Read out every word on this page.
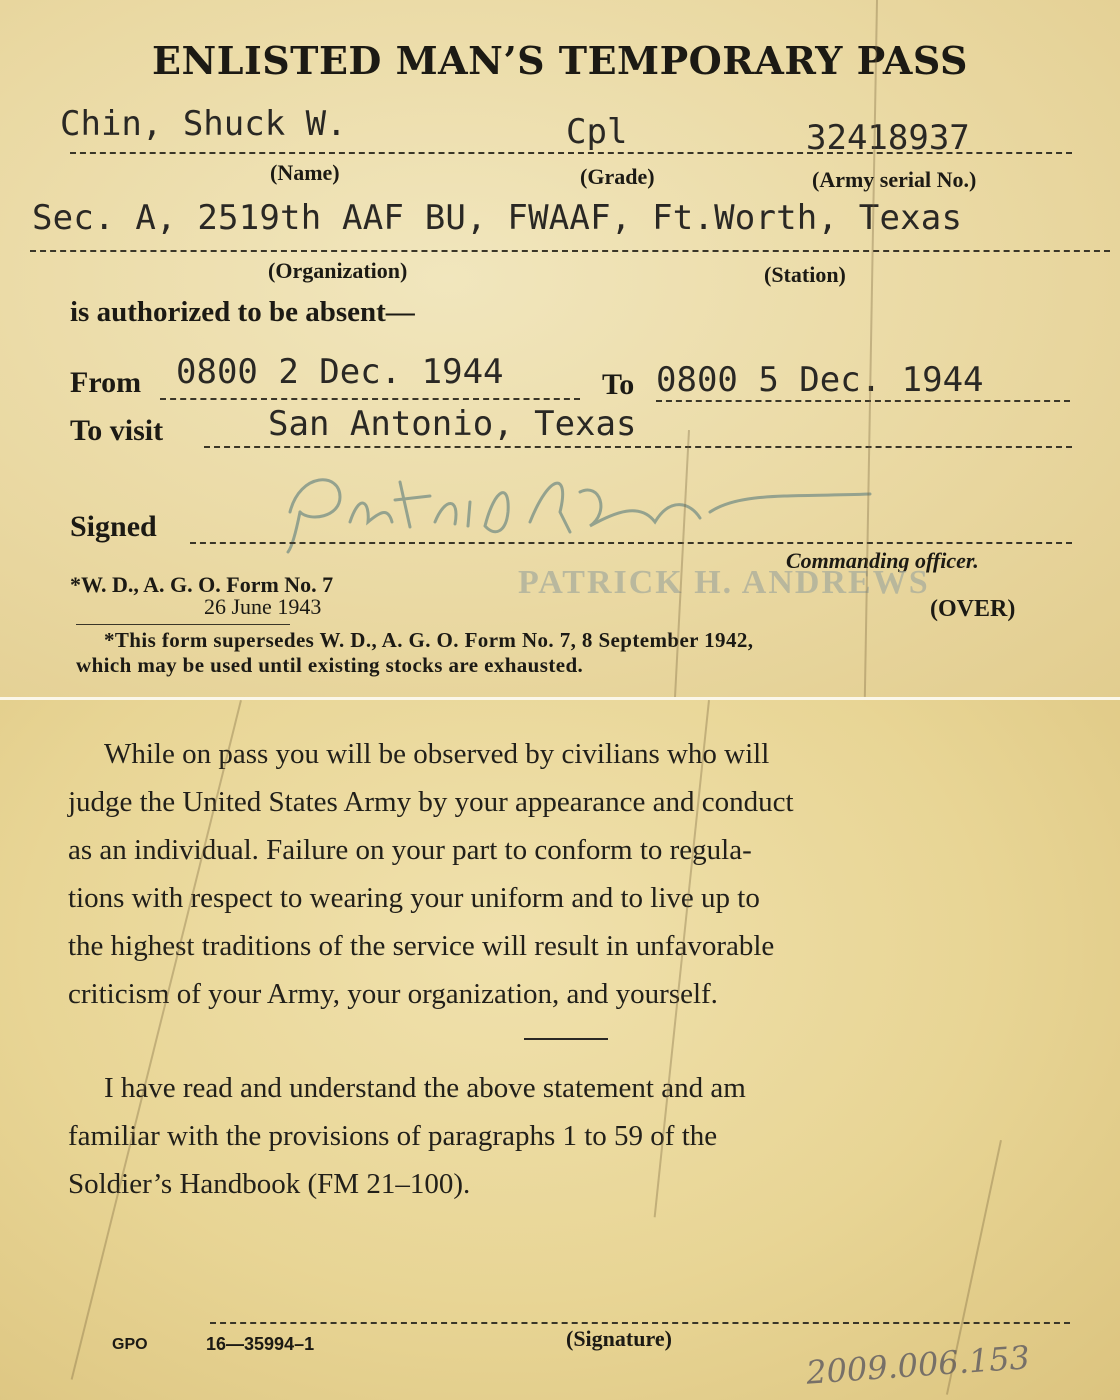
ENLISTED MAN’S TEMPORARY PASS
Chin, Shuck W.	Cpl	32418937
(Name)	(Grade)	(Army serial No.)
Sec. A, 2519th AAF BU, FWAAF, Ft.Worth, Texas
(Organization)	(Station)
is authorized to be absent—
From 0800 2 Dec. 1944	To 0800 5 Dec. 1944
To visit	San Antonio, Texas
Signed
Commanding officer.
PATRICK H. ANDREWS
*W. D., A. G. O. Form No. 7
26 June 1943	(OVER)
*This form supersedes W. D., A. G. O. Form No. 7, 8 September 1942,
which may be used until existing stocks are exhausted.
While on pass you will be observed by civilians who will
judge the United States Army by your appearance and conduct
as an individual. Failure on your part to conform to regula-
tions with respect to wearing your uniform and to live up to
the highest traditions of the service will result in unfavorable
criticism of your Army, your organization, and yourself.
I have read and understand the above statement and am
familiar with the provisions of paragraphs 1 to 59 of the
Soldier’s Handbook (FM 21–100).
GPO	16—35994–1	(Signature)	2009.006.153
